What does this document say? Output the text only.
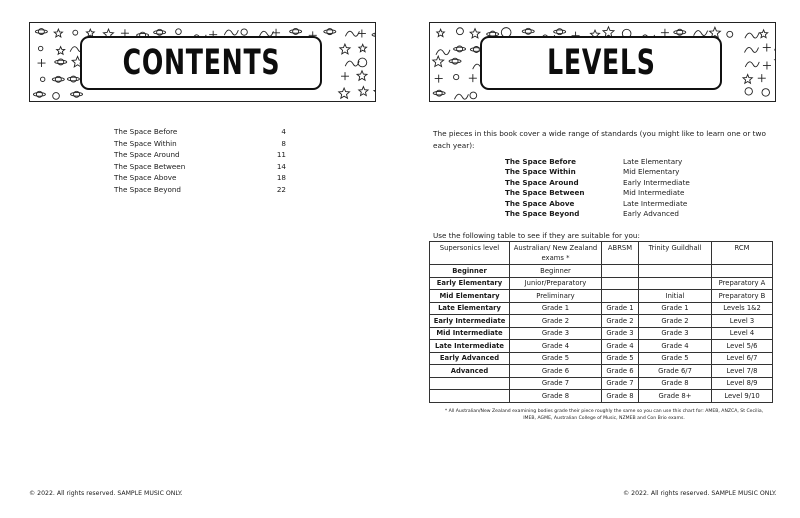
CONTENTS
The Space Before	4
The Space Within	8
The Space Around	11
The Space Between	14
The Space Above	18
The Space Beyond	22
© 2022. All rights reserved. SAMPLE MUSIC ONLY.
LEVELS
The pieces in this book cover a wide range of standards (you might like to learn one or two each year):
The Space Before	Late Elementary
The Space Within	Mid Elementary
The Space Around	Early Intermediate
The Space Between	Mid Intermediate
The Space Above	Late Intermediate
The Space Beyond	Early Advanced
Use the following table to see if they are suitable for you:
Supersonics level	Australian/ New Zealand exams *	ABRSM	Trinity Guildhall	RCM
Beginner	Beginner			
Early Elementary	Junior/Preparatory			Preparatory A
Mid Elementary	Preliminary		Initial	Preparatory B
Late Elementary	Grade 1	Grade 1	Grade 1	Levels 1&2
Early Intermediate	Grade 2	Grade 2	Grade 2	Level 3
Mid Intermediate	Grade 3	Grade 3	Grade 3	Level 4
Late Intermediate	Grade 4	Grade 4	Grade 4	Level 5/6
Early Advanced	Grade 5	Grade 5	Grade 5	Level 6/7
Advanced	Grade 6	Grade 6	Grade 6/7	Level 7/8
	Grade 7	Grade 7	Grade 8	Level 8/9
	Grade 8	Grade 8	Grade 8+	Level 9/10
* All Australian/New Zealand examining bodies grade their piece roughly the same so you can use this chart for: AMEB, ANZCA, St Cecilia, IMEB, AGME, Australian College of Music, NZMEB and Con Brio exams.
© 2022. All rights reserved. SAMPLE MUSIC ONLY.
